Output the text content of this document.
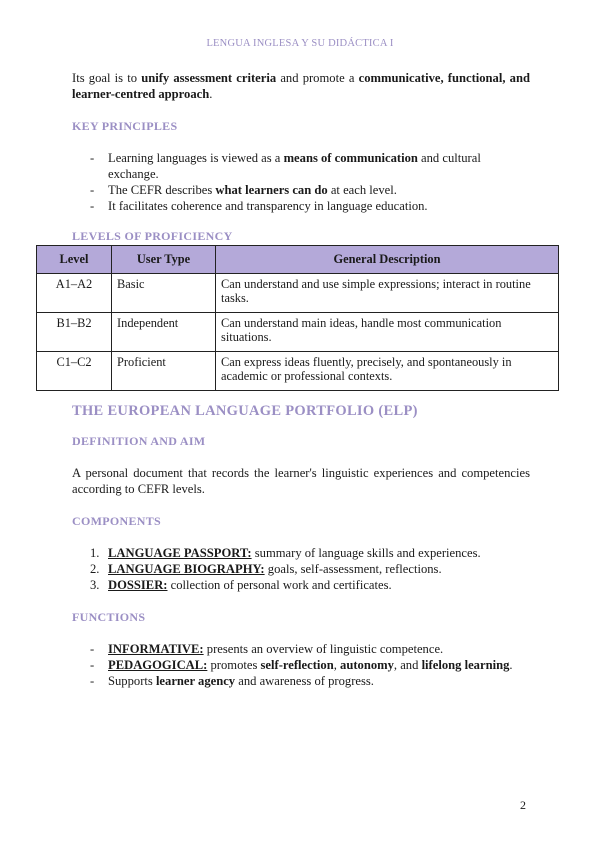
LENGUA INGLESA Y SU DIDÁCTICA I

Its goal is to unify assessment criteria and promote a communicative, functional, and learner-centred approach.

KEY PRINCIPLES
- Learning languages is viewed as a means of communication and cultural exchange.
- The CEFR describes what learners can do at each level.
- It facilitates coherence and transparency in language education.
LEVELS OF PROFICIENCY
Level	User Type	General Description
A1–A2	Basic	Can understand and use simple expressions; interact in routine tasks.
B1–B2	Independent	Can understand main ideas, handle most communication situations.
C1–C2	Proficient	Can express ideas fluently, precisely, and spontaneously in academic or professional contexts.
THE EUROPEAN LANGUAGE PORTFOLIO (ELP)
DEFINITION AND AIM

A personal document that records the learner's linguistic experiences and competencies according to CEFR levels.

COMPONENTS
LANGUAGE PASSPORT: summary of language skills and experiences.
LANGUAGE BIOGRAPHY: goals, self-assessment, reflections.
DOSSIER: collection of personal work and certificates.
FUNCTIONS
- INFORMATIVE: presents an overview of linguistic competence.
- PEDAGOGICAL: promotes self-reflection, autonomy, and lifelong learning.
- Supports learner agency and awareness of progress.
2
